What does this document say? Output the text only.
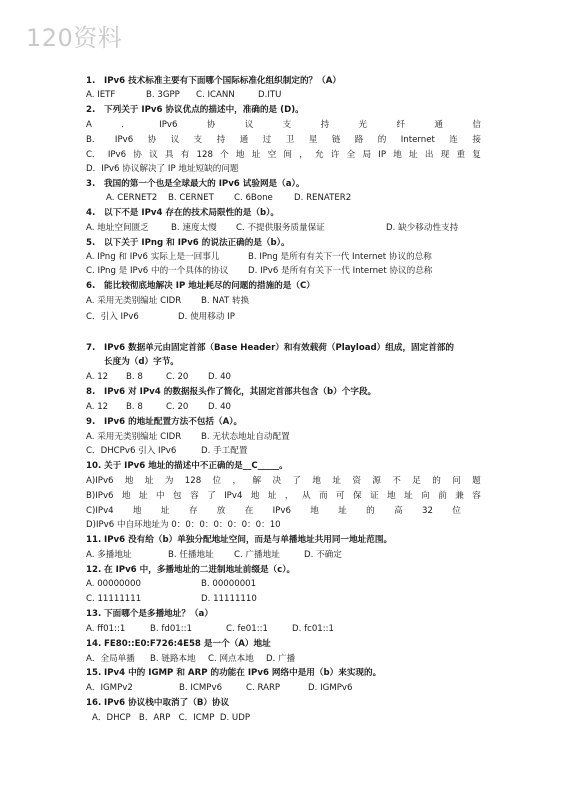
120资料
1. IPv6 技术标准主要有下面哪个国际标准化组织制定的？（A）
A. IETF	B. 3GPP C. ICANN	D.ITU
2. 下列关于 IPv6 协议优点的描述中，准确的是 (D)。
A	．	IPv6	协	议	支	持	光	纤	通	信
B． IPv6 协 议 支 持 通 过 卫 星 链 路 的 Internet 连 接
C． IPv6 协 议 具 有 128 个 地 址 空 间 ， 允 许 全 局 IP 地 址 出 现 重 复
D．IPv6 协议解决了 IP 地址短缺的问题
3. 我国的第一个也是全球最大的 IPv6 试验网是（a）。
A. CERNET2 B. CERNET C. 6Bone D. RENATER2
4. 以下不是 IPv4 存在的技术局限性的是（b）。
A. 地址空间匮乏	B. 速度太慢 C. 不提供服务质量保证	D. 缺少移动性支持
5. 以下关于 IPng 和 IPv6 的说法正确的是（b）。
A. IPng 和 IPv6 实际上是一回事儿	B. IPng 是所有有关下一代 Internet 协议的总称
C. IPng 是 IPv6 中的一个具体的协议 D. IPv6 是所有有关下一代 Internet 协议的总称
6. 能比较彻底地解决 IP 地址耗尽的问题的措施的是（C）
A. 采用无类别编址 CIDR B. NAT 转换
C．引入 IPv6	D. 使用移动 IP
7. IPv6 数据单元由固定首部（Base Header）和有效载荷（Playload）组成，固定首部的
长度为（d）字节。
A. 12 B. 8	C. 20 D. 40
8. IPv6 对 IPv4 的数据报头作了简化，其固定首部共包含（b）个字段。
A. 12 B. 8	C. 20 D. 40
9. IPv6 的地址配置方法不包括（A）。
A. 采用无类别编址 CIDR B. 无状态地址自动配置
C．DHCPv6 引入 IPv6	D. 手工配置
10. 关于 IPv6 地址的描述中不正确的是__C_____。
A)IPv6 地 址 为 128 位 ， 解 决 了 地 址 资 源 不 足 的 问 题
B)IPv6 地 址 中 包 容 了 IPv4 地 址 ， 从 而 可 保 证 地 址 向 前 兼 容
C)IPv4 地 址 存 放 在 IPv6 地 址 的 高 32 位
D)IPv6 中自环地址为 0：0：0：0：0：0：0：10
11. IPv6 没有给（b）单独分配地址空间，而是与单播地址共用同一地址范围。
A. 多播地址	B. 任播地址 C. 广播地址	D. 不确定
12. 在 IPv6 中，多播地址的二进制地址前缀是（c）。
A. 00000000	B. 00000001
C. 11111111	D. 11111110
13. 下面哪个是多播地址？（a）
A. ff01::1	B. fd01::1	C. fe01::1	D. fc01::1
14. FE80::E0:F726:4E58 是一个（A）地址
A．全局单播 B. 链路本地 C. 网点本地 D. 广播
15. IPv4 中的 IGMP 和 ARP 的功能在 IPv6 网络中是用（b）来实现的。
A．IGMPv2	B. ICMPv6	C. RARP	D. IGMPv6
16. IPv6 协议栈中取消了（B）协议
A．DHCP   B．ARP   C．ICMP  D. UDP
